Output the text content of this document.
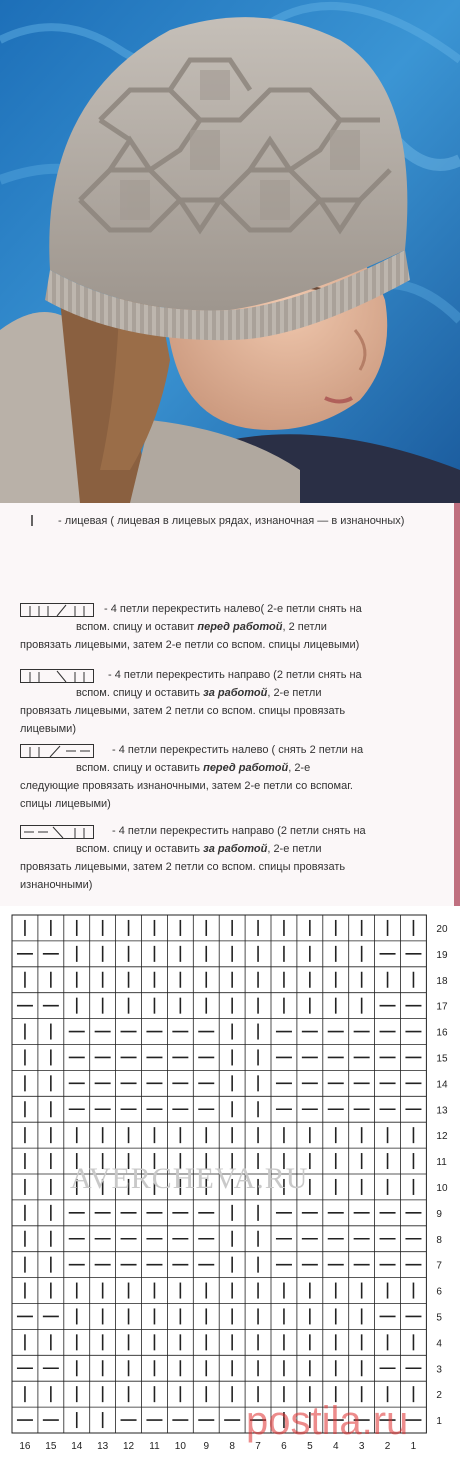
- лицевая ( лицевая в лицевых рядах, изнаночная — в изнаночных)
- 4 петли перекрестить налево( 2-е петли снять на
вспом. спицу и оставит перед работой, 2 петли
провязать лицевыми, затем 2-е петли со вспом. спицы лицевыми)
- 4 петли перекрестить направо (2 петли снять на
вспом. спицу и оставить за работой, 2-е петли
провязать лицевыми, затем 2 петли со вспом. спицы провязать
лицевыми)
- 4 петли перекрестить налево ( снять 2 петли на
вспом. спицу и оставить перед работой, 2-е
следующие провязать изнаночными, затем 2-е петли со вспомаг.
спицы лицевыми)
- 4 петли перекрестить направо (2 петли снять на
вспом. спицу и оставить за работой, 2-е петли
провязать лицевыми, затем 2 петли со вспом. спицы провязать
изнаночными)
20
19
18
17
16
15
14
13
12
11
10
9
8
7
6
5
4
3
2
1
16 15 14 13 12 11 10 9 8 7 6 5 4 3 2 1
AVERCHEVA.RU
postila.ru
